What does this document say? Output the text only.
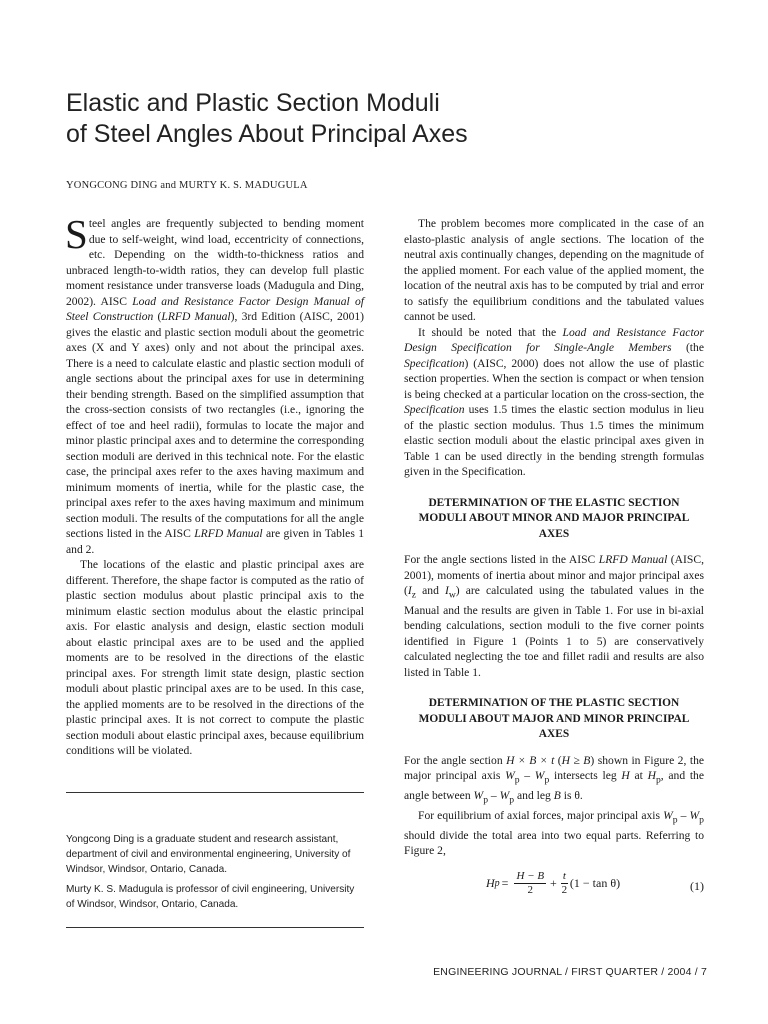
Elastic and Plastic Section Moduli
of Steel Angles About Principal Axes
YONGCONG DING and MURTY K. S. MADUGULA

Steel angles are frequently subjected to bending moment due to self-weight, wind load, eccentricity of connections, etc. Depending on the width-to-thickness ratios and unbraced length-to-width ratios, they can develop full plastic moment resistance under transverse loads (Madugula and Ding, 2002). AISC Load and Resistance Factor Design Manual of Steel Construction (LRFD Manual), 3rd Edition (AISC, 2001) gives the elastic and plastic section moduli about the geometric axes (X and Y axes) only and not about the principal axes. There is a need to calculate elastic and plastic section moduli of angle sections about the principal axes for use in determining their bending strength. Based on the simplified assumption that the cross-section consists of two rectangles (i.e., ignoring the effect of toe and heel radii), formulas to locate the major and minor plastic principal axes and to determine the corresponding section moduli are derived in this technical note. For the elastic case, the principal axes refer to the axes having maximum and minimum moments of inertia, while for the plastic case, the principal axes refer to the axes having maximum and minimum section moduli. The results of the computations for all the angle sections listed in the AISC LRFD Manual are given in Tables 1 and 2.

The locations of the elastic and plastic principal axes are different. Therefore, the shape factor is computed as the ratio of plastic section modulus about plastic principal axis to the minimum elastic section modulus about the elastic principal axis. For elastic analysis and design, elastic section moduli about elastic principal axes are to be used and the applied moments are to be resolved in the directions of the elastic principal axes. For strength limit state design, plastic section moduli about plastic principal axes are to be used. In this case, the applied moments are to be resolved in the directions of the plastic principal axes. It is not correct to compute the plastic section moduli about elastic principal axes, because equilibrium conditions will be violated.

Yongcong Ding is a graduate student and research assistant, department of civil and environmental engineering, University of Windsor, Windsor, Ontario, Canada.

Murty K. S. Madugula is professor of civil engineering, University of Windsor, Windsor, Ontario, Canada.

The problem becomes more complicated in the case of an elasto-plastic analysis of angle sections. The location of the neutral axis continually changes, depending on the magnitude of the applied moment. For each value of the applied moment, the location of the neutral axis has to be computed by trial and error to satisfy the equilibrium conditions and the tabulated values cannot be used.

It should be noted that the Load and Resistance Factor Design Specification for Single-Angle Members (the Specification) (AISC, 2000) does not allow the use of plastic section properties. When the section is compact or when tension is being checked at a particular location on the cross-section, the Specification uses 1.5 times the elastic section modulus in lieu of the plastic section modulus. Thus 1.5 times the minimum elastic section moduli about the elastic principal axes given in Table 1 can be used directly in the bending strength formulas given in the Specification.

DETERMINATION OF THE ELASTIC SECTION MODULI ABOUT MINOR AND MAJOR PRINCIPAL AXES

For the angle sections listed in the AISC LRFD Manual (AISC, 2001), moments of inertia about minor and major principal axes ($I_z$ and $I_w$) are calculated using the tabulated values in the Manual and the results are given in Table 1. For use in bi-axial bending calculations, section moduli to the five corner points identified in Figure 1 (Points 1 to 5) are conservatively calculated neglecting the toe and fillet radii and results are also listed in Table 1.

DETERMINATION OF THE PLASTIC SECTION MODULI ABOUT MAJOR AND MINOR PRINCIPAL AXES

For the angle section H × B × t (H ≥ B) shown in Figure 2, the major principal axis $W_p - W_p$ intersects leg H at $H_p$, and the angle between $W_p - W_p$ and leg B is θ.

For equilibrium of axial forces, major principal axis $W_p - W_p$ should divide the total area into two equal parts. Referring to Figure 2,

H $p = \frac{H - B}{2} + \frac{t}{2} (1 - \tan \theta)$	(1)
ENGINEERING JOURNAL / FIRST QUARTER / 2004 / 7
